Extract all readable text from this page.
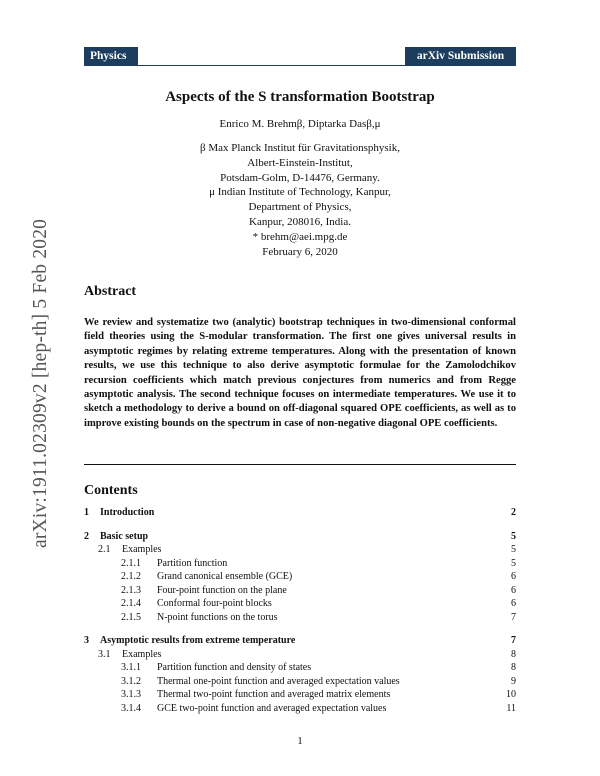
Physics	arXiv Submission
arXiv:1911.02309v2 [hep-th] 5 Feb 2020
Aspects of the S transformation Bootstrap
Enrico M. Brehmβ, Diptarka Dasβ,μ
β Max Planck Institut für Gravitationsphysik,
Albert-Einstein-Institut,
Potsdam-Golm, D-14476, Germany.
μ Indian Institute of Technology, Kanpur,
Department of Physics,
Kanpur, 208016, India.
* brehm@aei.mpg.de
February 6, 2020
Abstract
We review and systematize two (analytic) bootstrap techniques in two-dimensional conformal field theories using the S-modular transformation. The first one gives universal results in asymptotic regimes by relating extreme temperatures. Along with the presentation of known results, we use this technique to also derive asymptotic formulae for the Zamolodchikov recursion coefficients which match previous conjectures from numerics and from Regge asymptotic analysis. The second technique focuses on intermediate temperatures. We use it to sketch a methodology to derive a bound on off-diagonal squared OPE coefficients, as well as to improve existing bounds on the spectrum in case of non-negative diagonal OPE coefficients.
Contents
1 Introduction	2
2 Basic setup	5
2.1 Examples	5
2.1.1 Partition function	5
2.1.2 Grand canonical ensemble (GCE)	6
2.1.3 Four-point function on the plane	6
2.1.4 Conformal four-point blocks	6
2.1.5 N-point functions on the torus	7
3 Asymptotic results from extreme temperature	7
3.1 Examples	8
3.1.1 Partition function and density of states	8
3.1.2 Thermal one-point function and averaged expectation values	9
3.1.3 Thermal two-point function and averaged matrix elements	10
3.1.4 GCE two-point function and averaged expectation values	11
1
